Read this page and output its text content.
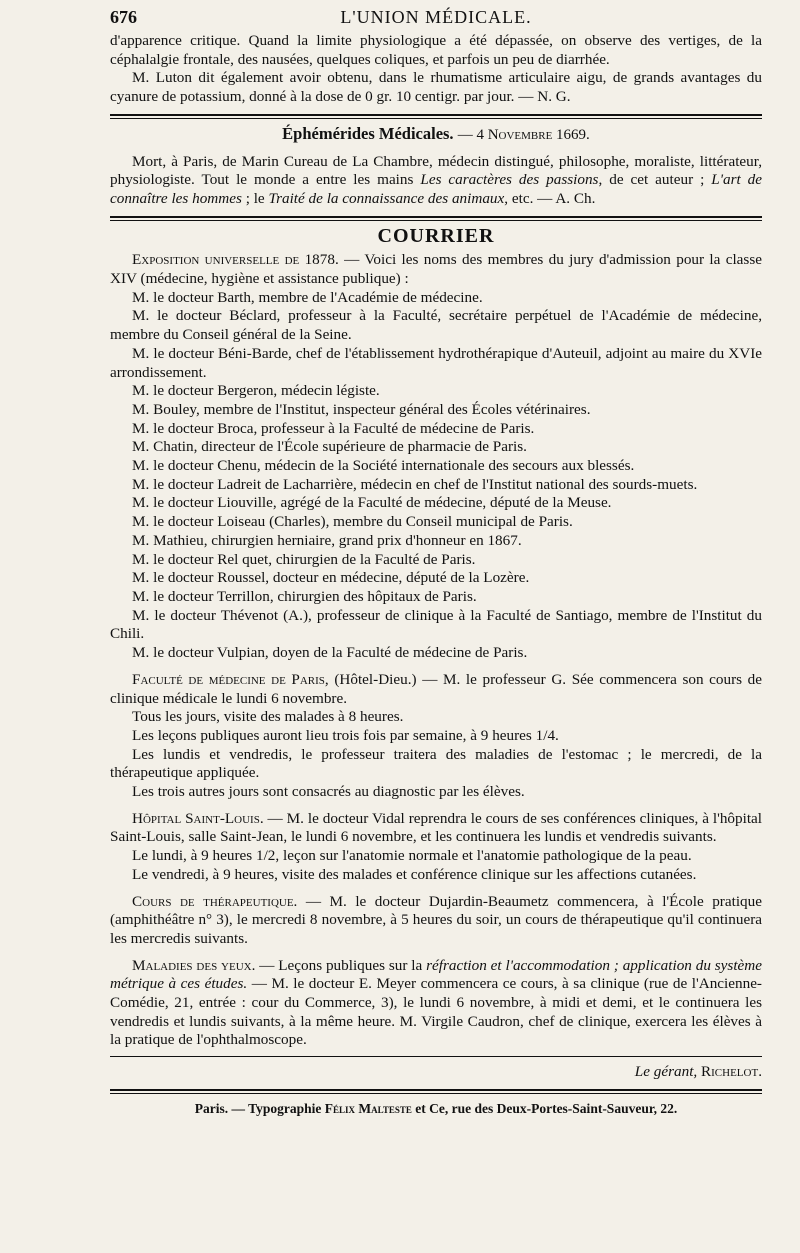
676	L'UNION MÉDICALE.

d'apparence critique. Quand la limite physiologique a été dépassée, on observe des vertiges, de la céphalalgie frontale, des nausées, quelques coliques, et parfois un peu de diarrhée.

M. Luton dit également avoir obtenu, dans le rhumatisme articulaire aigu, de grands avantages du cyanure de potassium, donné à la dose de 0 gr. 10 centigr. par jour. — N. G.

Éphémérides Médicales. — 4 Novembre 1669.

Mort, à Paris, de Marin Cureau de La Chambre, médecin distingué, philosophe, moraliste, littérateur, physiologiste. Tout le monde a entre les mains Les caractères des passions, de cet auteur ; L'art de connaître les hommes ; le Traité de la connaissance des animaux, etc. — A. Ch.

COURRIER

Exposition universelle de 1878. — Voici les noms des membres du jury d'admission pour la classe XIV (médecine, hygiène et assistance publique) :

M. le docteur Barth, membre de l'Académie de médecine.

M. le docteur Béclard, professeur à la Faculté, secrétaire perpétuel de l'Académie de médecine, membre du Conseil général de la Seine.

M. le docteur Béni-Barde, chef de l'établissement hydrothérapique d'Auteuil, adjoint au maire du XVIe arrondissement.

M. le docteur Bergeron, médecin légiste.

M. Bouley, membre de l'Institut, inspecteur général des Écoles vétérinaires.

M. le docteur Broca, professeur à la Faculté de médecine de Paris.

M. Chatin, directeur de l'École supérieure de pharmacie de Paris.

M. le docteur Chenu, médecin de la Société internationale des secours aux blessés.

M. le docteur Ladreit de Lacharrière, médecin en chef de l'Institut national des sourds-muets.

M. le docteur Liouville, agrégé de la Faculté de médecine, député de la Meuse.

M. le docteur Loiseau (Charles), membre du Conseil municipal de Paris.

M. Mathieu, chirurgien herniaire, grand prix d'honneur en 1867.

M. le docteur Rel quet, chirurgien de la Faculté de Paris.

M. le docteur Roussel, docteur en médecine, député de la Lozère.

M. le docteur Terrillon, chirurgien des hôpitaux de Paris.

M. le docteur Thévenot (A.), professeur de clinique à la Faculté de Santiago, membre de l'Institut du Chili.

M. le docteur Vulpian, doyen de la Faculté de médecine de Paris.

Faculté de médecine de Paris, (Hôtel-Dieu.) — M. le professeur G. Sée commencera son cours de clinique médicale le lundi 6 novembre.

Tous les jours, visite des malades à 8 heures.

Les leçons publiques auront lieu trois fois par semaine, à 9 heures 1/4.

Les lundis et vendredis, le professeur traitera des maladies de l'estomac ; le mercredi, de la thérapeutique appliquée.

Les trois autres jours sont consacrés au diagnostic par les élèves.

Hôpital Saint-Louis. — M. le docteur Vidal reprendra le cours de ses conférences cliniques, à l'hôpital Saint-Louis, salle Saint-Jean, le lundi 6 novembre, et les continuera les lundis et vendredis suivants.

Le lundi, à 9 heures 1/2, leçon sur l'anatomie normale et l'anatomie pathologique de la peau.

Le vendredi, à 9 heures, visite des malades et conférence clinique sur les affections cutanées.

Cours de thérapeutique. — M. le docteur Dujardin-Beaumetz commencera, à l'École pratique (amphithéâtre n° 3), le mercredi 8 novembre, à 5 heures du soir, un cours de thérapeutique qu'il continuera les mercredis suivants.

Maladies des yeux. — Leçons publiques sur la réfraction et l'accommodation ; application du système métrique à ces études. — M. le docteur E. Meyer commencera ce cours, à sa clinique (rue de l'Ancienne-Comédie, 21, entrée : cour du Commerce, 3), le lundi 6 novembre, à midi et demi, et le continuera les vendredis et lundis suivants, à la même heure. M. Virgile Caudron, chef de clinique, exercera les élèves à la pratique de l'ophthalmoscope.

Le gérant, Richelot.

Paris. — Typographie Félix Malteste et Ce, rue des Deux-Portes-Saint-Sauveur, 22.
